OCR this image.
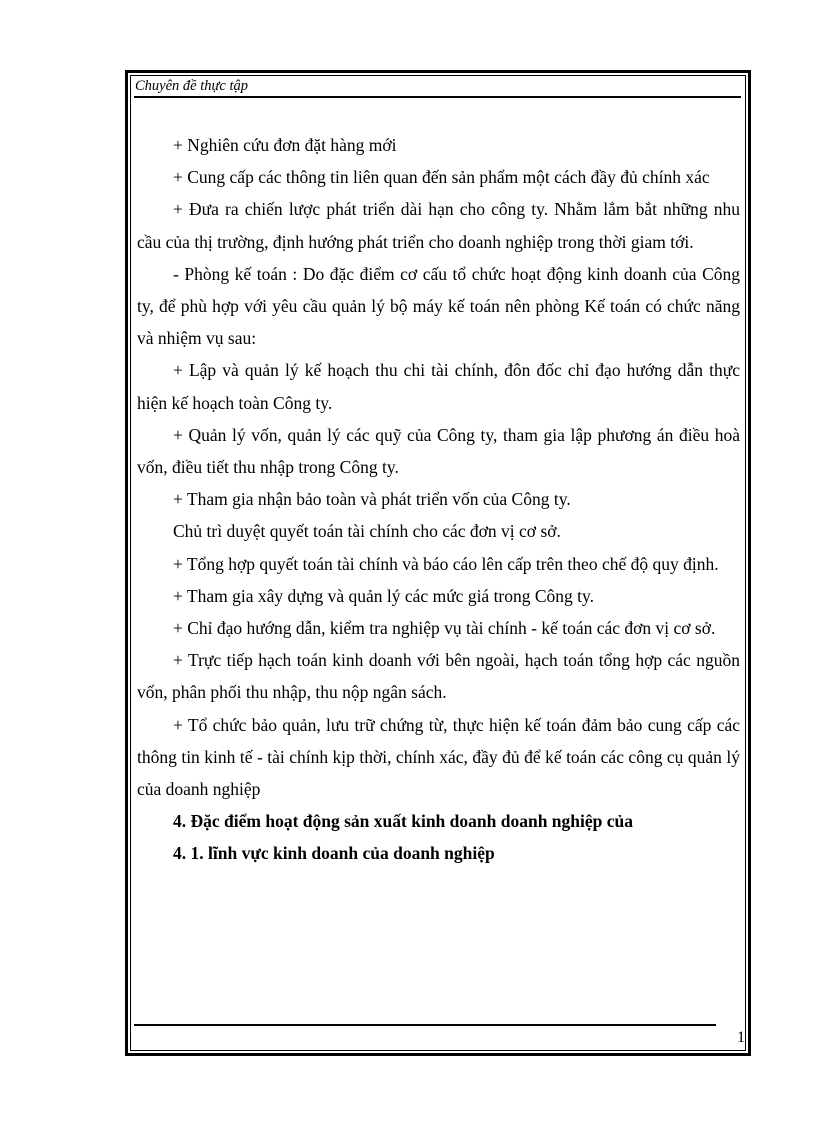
Chuyên đề thực tập

+ Nghiên cứu đơn đặt hàng mới

+ Cung cấp các thông tin liên quan đến sản phẩm một cách đầy đủ chính xác

+ Đưa ra chiến lược phát triển dài hạn cho công ty. Nhằm lắm bắt những nhu cầu của thị trường, định hướng phát triển cho doanh nghiệp trong thời giam tới.

- Phòng kế toán : Do đặc điểm cơ cấu tổ chức hoạt động kinh doanh của Công ty, để phù hợp với yêu cầu quản lý bộ máy kế toán nên phòng Kế toán có chức năng và nhiệm vụ sau:

+ Lập và quản lý kế hoạch thu chi tài chính, đôn đốc chỉ đạo hướng dẫn thực hiện kế hoạch toàn Công ty.

+ Quản lý vốn, quản lý các quỹ của Công ty, tham gia lập phương án điều hoà vốn, điều tiết thu nhập trong Công ty.

+ Tham gia nhận bảo toàn và phát triển vốn của Công ty.

Chủ trì duyệt quyết toán tài chính cho các đơn vị cơ sở.

+ Tổng hợp quyết toán tài chính và báo cáo lên cấp trên theo chế độ quy định.

+ Tham gia xây dựng và quản lý các mức giá trong Công ty.

+ Chỉ đạo hướng dẫn, kiểm tra nghiệp vụ tài chính - kế toán các đơn vị cơ sở.

+ Trực tiếp hạch toán kinh doanh với bên ngoài, hạch toán tổng hợp các nguồn vốn, phân phối thu nhập, thu nộp ngân sách.

+ Tổ chức bảo quản, lưu trữ chứng từ, thực hiện kế toán đảm bảo cung cấp các thông tin kinh tế - tài chính kịp thời, chính xác, đầy đủ để kế toán các công cụ quản lý của doanh nghiệp

4. Đặc điểm hoạt động sản xuất kinh doanh doanh nghiệp của

4. 1. lĩnh vực kinh doanh của doanh nghiệp

1
